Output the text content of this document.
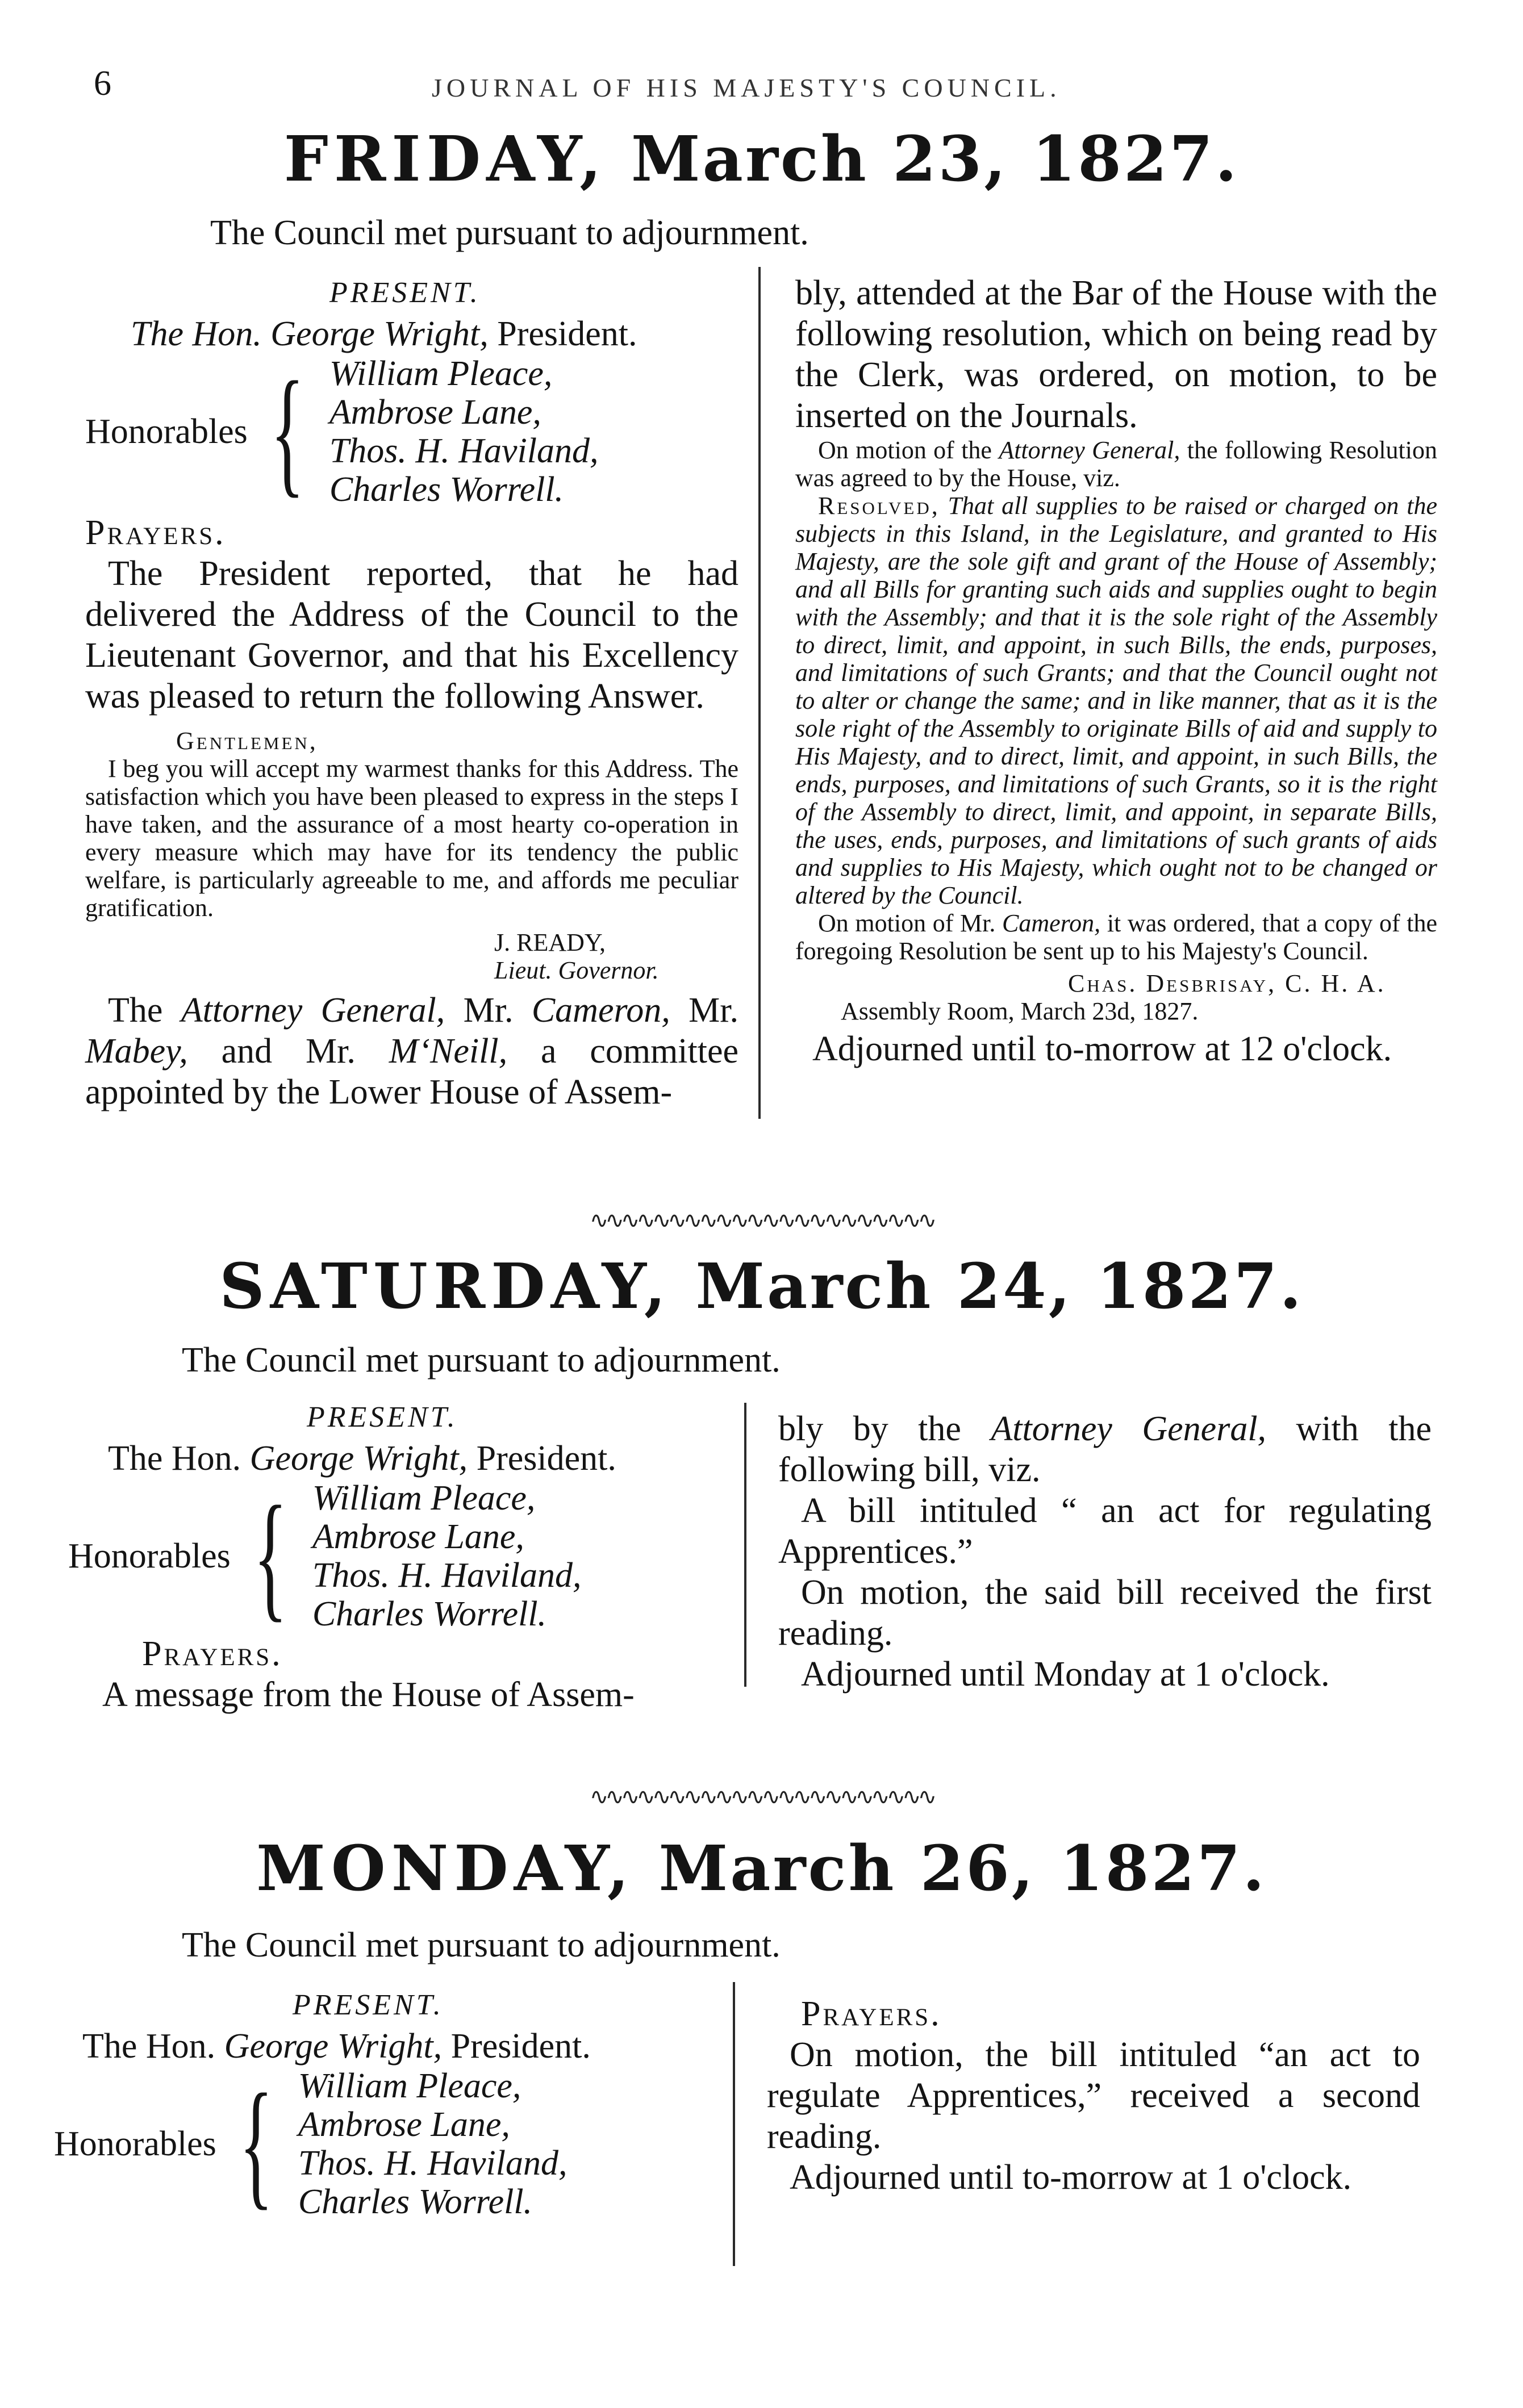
6	JOURNAL OF HIS MAJESTY'S COUNCIL.
FRIDAY, March 23, 1827.
The Council met pursuant to adjournment.
PRESENT.
The Hon. George Wright, President.
Honorables { William Pleace,
Ambrose Lane,
Thos. H. Haviland,
Charles Worrell.
Prayers.

The President reported, that he had delivered the Address of the Council to the Lieutenant Governor, and that his Excellency was pleased to return the following Answer.

Gentlemen,

I beg you will accept my warmest thanks for this Address. The satisfaction which you have been pleased to express in the steps I have taken, and the assurance of a most hearty co-operation in every measure which may have for its tendency the public welfare, is particularly agreeable to me, and affords me peculiar gratification.

J. READY,
Lieut. Governor.

The Attorney General, Mr. Cameron, Mr. Mabey, and Mr. M‘Neill, a committee appointed by the Lower House of Assem-

bly, attended at the Bar of the House with the following resolution, which on being read by the Clerk, was ordered, on motion, to be inserted on the Journals.

On motion of the Attorney General, the following Resolution was agreed to by the House, viz.

Resolved, That all supplies to be raised or charged on the subjects in this Island, in the Legislature, and granted to His Majesty, are the sole gift and grant of the House of Assembly; and all Bills for granting such aids and supplies ought to begin with the Assembly; and that it is the sole right of the Assembly to direct, limit, and appoint, in such Bills, the ends, purposes, and limitations of such Grants; and that the Council ought not to alter or change the same; and in like manner, that as it is the sole right of the Assembly to originate Bills of aid and supply to His Majesty, and to direct, limit, and appoint, in such Bills, the ends, purposes, and limitations of such Grants, so it is the right of the Assembly to direct, limit, and appoint, in separate Bills, the uses, ends, purposes, and limitations of such grants of aids and supplies to His Majesty, which ought not to be changed or altered by the Council.

On motion of Mr. Cameron, it was ordered, that a copy of the foregoing Resolution be sent up to his Majesty's Council.

Chas. Desbrisay, C. H. A.
Assembly Room, March 23d, 1827.
Adjourned until to-morrow at 12 o'clock.
∿∿∿∿∿∿∿∿∿∿∿∿∿∿∿∿∿∿∿∿∿∿
SATURDAY, March 24, 1827.
The Council met pursuant to adjournment.
PRESENT.
The Hon. George Wright, President.
Honorables { William Pleace,
Ambrose Lane,
Thos. H. Haviland,
Charles Worrell.
Prayers.
A message from the House of Assem-

bly by the Attorney General, with the following bill, viz.

A bill intituled “ an act for regulating Apprentices.”

On motion, the said bill received the first reading.

Adjourned until Monday at 1 o'clock.

∿∿∿∿∿∿∿∿∿∿∿∿∿∿∿∿∿∿∿∿∿∿
MONDAY, March 26, 1827.
The Council met pursuant to adjournment.
PRESENT.
The Hon. George Wright, President.
Honorables { William Pleace,
Ambrose Lane,
Thos. H. Haviland,
Charles Worrell.
Prayers.

On motion, the bill intituled “an act to regulate Apprentices,” received a second reading.

Adjourned until to-morrow at 1 o'clock.
